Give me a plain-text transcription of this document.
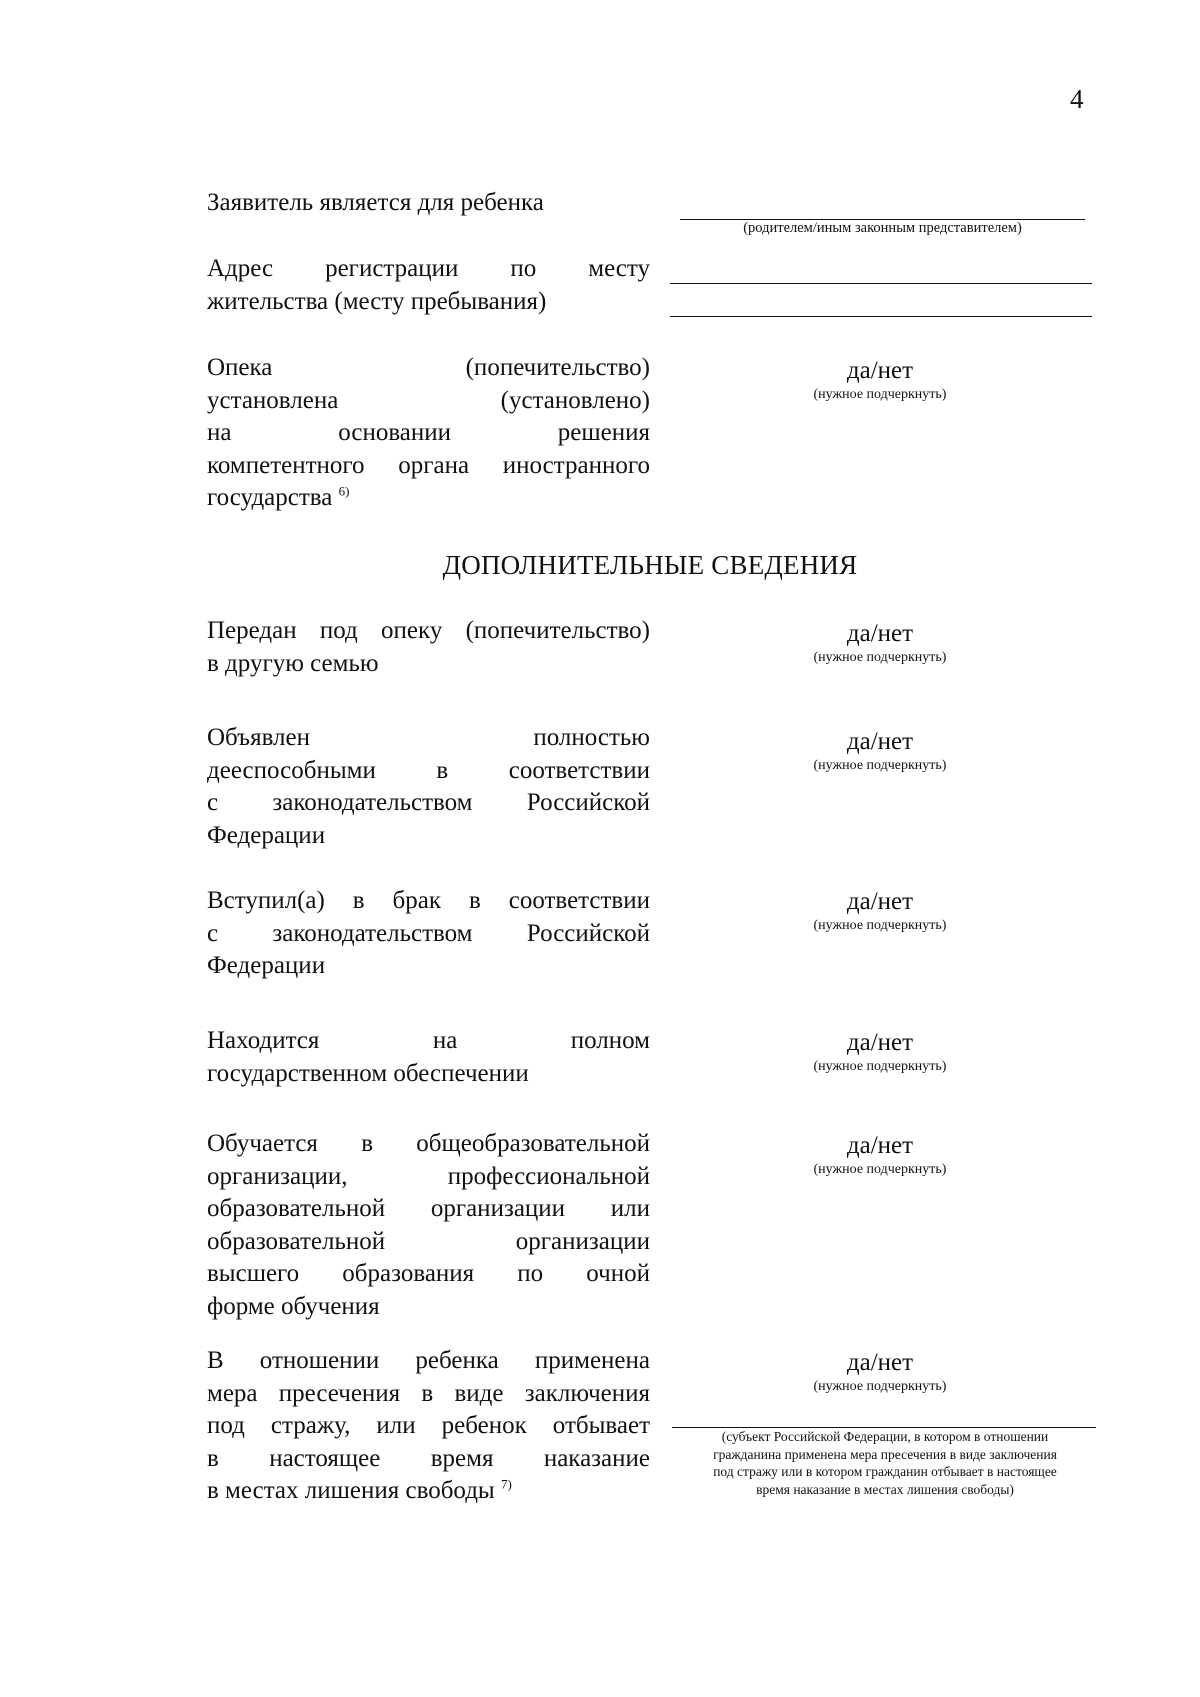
4
Заявитель является для ребенка
(родителем/иным законным представителем)
Адрес регистрации по месту
жительства (месту пребывания)
Опека (попечительство)
установлена (установлено)
на основании решения
компетентного органа иностранного
государства $^{6)}$
да/нет
(нужное подчеркнуть)
ДОПОЛНИТЕЛЬНЫЕ СВЕДЕНИЯ
Передан под опеку (попечительство)
в другую семью
да/нет
(нужное подчеркнуть)
Объявлен полностью
дееспособными в соответствии
с законодательством Российской
Федерации
да/нет
(нужное подчеркнуть)
Вступил(а) в брак в соответствии
с законодательством Российской
Федерации
да/нет
(нужное подчеркнуть)
Находится на полном
государственном обеспечении
да/нет
(нужное подчеркнуть)
Обучается в общеобразовательной
организации, профессиональной
образовательной организации или
образовательной организации
высшего образования по очной
форме обучения
да/нет
(нужное подчеркнуть)
В отношении ребенка применена
мера пресечения в виде заключения
под стражу, или ребенок отбывает
в настоящее время наказание
в местах лишения свободы $^{7)}$
да/нет
(нужное подчеркнуть)
(субъект Российской Федерации, в котором в отношении
гражданина применена мера пресечения в виде заключения
под стражу или в котором гражданин отбывает в настоящее
время наказание в местах лишения свободы)
